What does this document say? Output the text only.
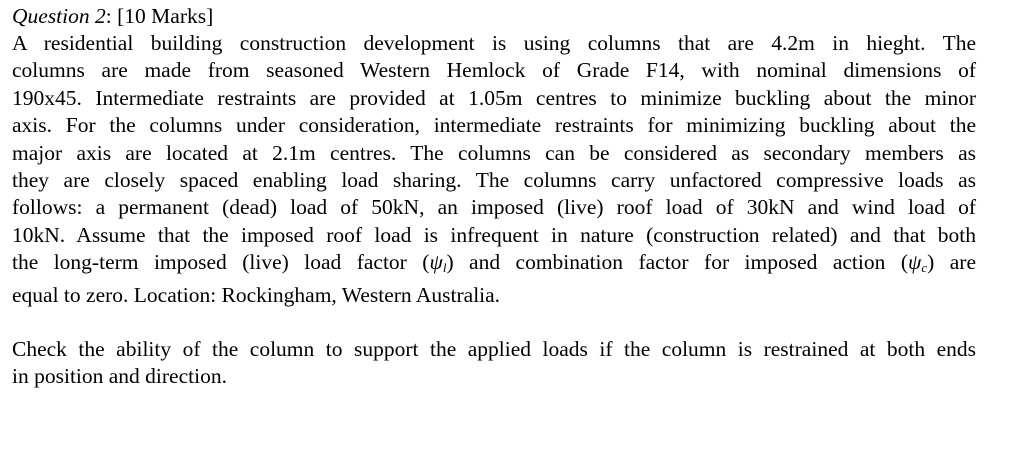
Question 2: [10 Marks]
A residential building construction development is using columns that are 4.2m in hieght. The
columns are made from seasoned Western Hemlock of Grade F14, with nominal dimensions of
190x45. Intermediate restraints are provided at 1.05m centres to minimize buckling about the minor
axis. For the columns under consideration, intermediate restraints for minimizing buckling about the
major axis are located at 2.1m centres. The columns can be considered as secondary members as
they are closely spaced enabling load sharing. The columns carry unfactored compressive loads as
follows: a permanent (dead) load of 50kN, an imposed (live) roof load of 30kN and wind load of
10kN. Assume that the imposed roof load is infrequent in nature (construction related) and that both
the long-term imposed (live) load factor $(\psi_l)$ and combination factor for imposed action $(\psi_c)$ are
equal to zero. Location: Rockingham, Western Australia.
Check the ability of the column to support the applied loads if the column is restrained at both ends
in position and direction.
